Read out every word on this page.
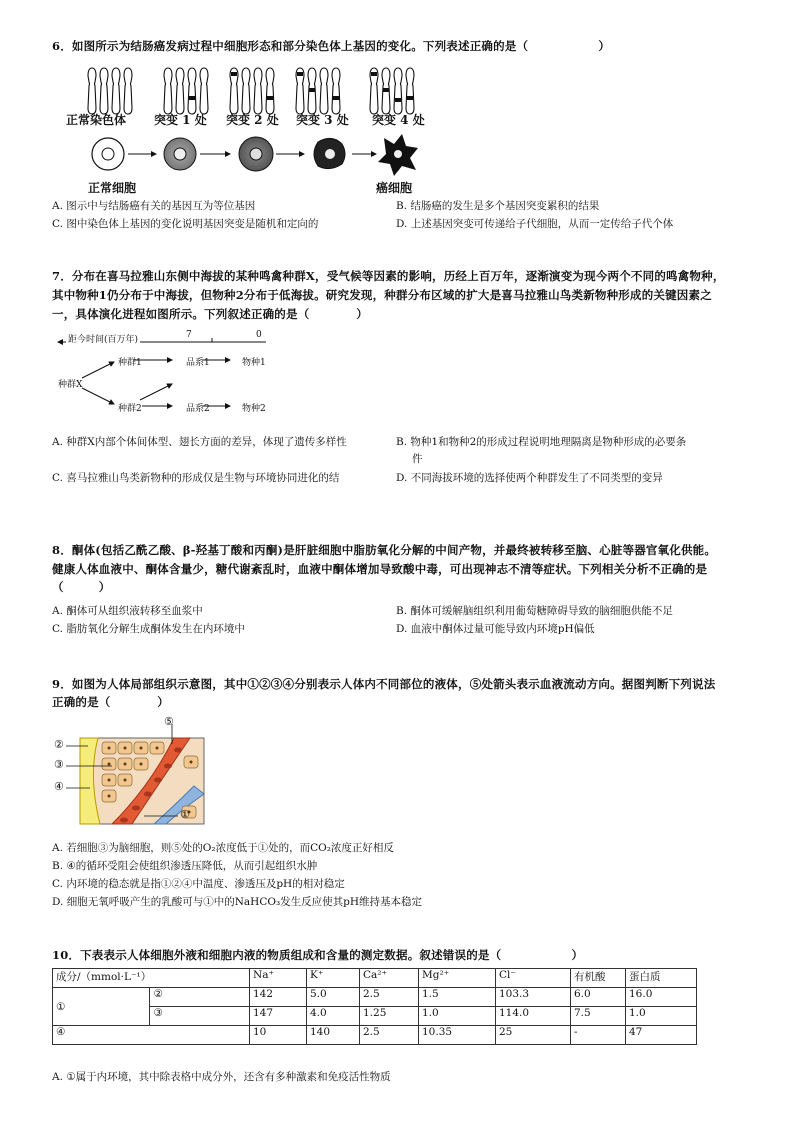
6．如图所示为结肠癌发病过程中细胞形态和部分染色体上基因的变化。下列表述正确的是（　　　　　　）
正常染色体 突变 1 处 突变 2 处 突变 3 处 突变 4 处
正常细胞	癌细胞
A. 图示中与结肠癌有关的基因互为等位基因	B. 结肠癌的发生是多个基因突变累积的结果
C. 图中染色体上基因的变化说明基因突变是随机和定向的	D. 上述基因突变可传递给子代细胞，从而一定传给子代个体
7．分布在喜马拉雅山东侧中海拔的某种鸣禽种群X，受气候等因素的影响，历经上百万年，逐渐演变为现今两个不同的鸣禽物种，
其中物种1仍分布于中海拔，但物种2分布于低海拔。研究发现，种群分布区域的扩大是喜马拉雅山鸟类新物种形成的关键因素之
一，具体演化进程如图所示。下列叙述正确的是（　　　　）
距今时间(百万年)	7	0
种群1	品系1	物种1
种群X
种群2	品系2	物种2
A. 种群X内部个体间体型、翅长方面的差异，体现了遗传多样性	B. 物种1和物种2的形成过程说明地理隔离是物种形成的必要条
件
C. 喜马拉雅山鸟类新物种的形成仅是生物与环境协同进化的结	D. 不同海拔环境的选择使两个种群发生了不同类型的变异
8．酮体(包括乙酰乙酸、β-羟基丁酸和丙酮)是肝脏细胞中脂肪氧化分解的中间产物，并最终被转移至脑、心脏等器官氧化供能。
健康人体血液中、酮体含量少，糖代谢紊乱时，血液中酮体增加导致酸中毒，可出现神志不清等症状。下列相关分析不正确的是
（　　　）
A. 酮体可从组织液转移至血浆中	B. 酮体可缓解脑组织利用葡萄糖障碍导致的脑细胞供能不足
C. 脂肪氧化分解生成酮体发生在内环境中	D. 血液中酮体过量可能导致内环境pH偏低
9．如图为人体局部组织示意图，其中①②③④分别表示人体内不同部位的液体，⑤处箭头表示血液流动方向。据图判断下列说法
正确的是（　　　　）
⑤
②
③
④
①
A. 若细胞③为脑细胞，则⑤处的O₂浓度低于①处的，而CO₂浓度正好相反
B. ④的循环受阻会使组织渗透压降低，从而引起组织水肿
C. 内环境的稳态就是指①②④中温度、渗透压及pH的相对稳定
D. 细胞无氧呼吸产生的乳酸可与①中的NaHCO₃发生反应使其pH维持基本稳定
10．下表表示人体细胞外液和细胞内液的物质组成和含量的测定数据。叙述错误的是（　　　　　　）
成分/（mmol·L⁻¹）		Na⁺	K⁺	Ca²⁺	Mg²⁺	Cl⁻	有机酸	蛋白质
①	②	142	5.0	2.5	1.5	103.3	6.0	16.0
	③	147	4.0	1.25	1.0	114.0	7.5	1.0
④		10	140	2.5	10.35	25	-	47
A. ①属于内环境，其中除表格中成分外，还含有多种激素和免疫活性物质
